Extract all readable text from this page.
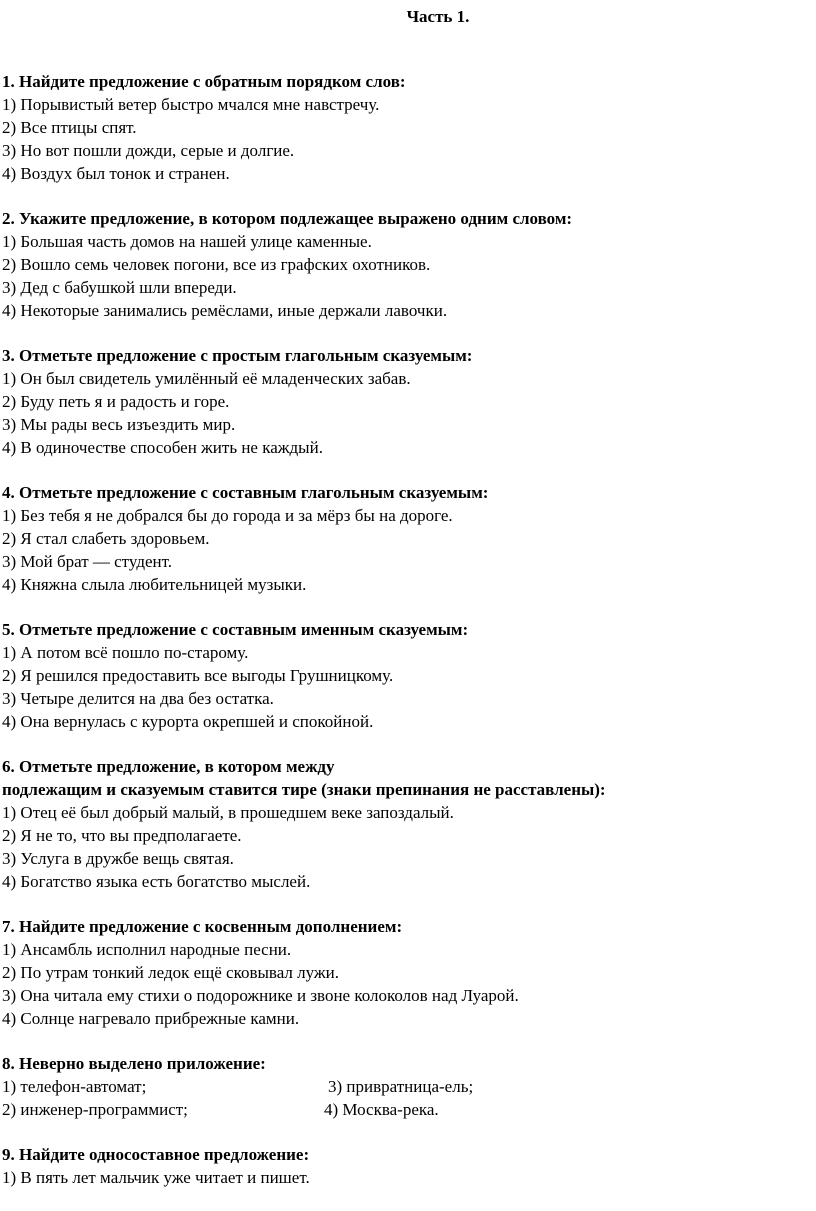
Часть 1.
1. Найдите предложение с обратным порядком слов:
1) Порывистый ветер быстро мчался мне навстречу.
2) Все птицы спят.
3) Но вот пошли дожди, серые и долгие.
4) Воздух был тонок и странен.
2. Укажите предложение, в котором подлежащее выражено одним словом:
1) Большая часть домов на нашей улице каменные.
2) Вошло семь человек погони, все из графских охотников.
3) Дед с бабушкой шли впереди.
4) Некоторые занимались ремёслами, иные держали лавочки.
3. Отметьте предложение с простым глагольным сказуемым:
1) Он был свидетель умилённый её младенческих забав.
2) Буду петь я и радость и горе.
3) Мы рады весь изъездить мир.
4) В одиночестве способен жить не каждый.
4. Отметьте предложение с составным глагольным сказуемым:
1) Без тебя я не добрался бы до города и за мёрз бы на дороге.
2) Я стал слабеть здоровьем.
3) Мой брат — студент.
4) Княжна слыла любительницей музыки.
5. Отметьте предложение с составным именным сказуемым:
1) А потом всё пошло по-старому.
2) Я решился предоставить все выгоды Грушницкому.
3) Четыре делится на два без остатка.
4) Она вернулась с курорта окрепшей и спокойной.
6. Отметьте предложение, в котором между
подлежащим и сказуемым ставится тире (знаки препинания не расставлены):
1) Отец её был добрый малый, в прошедшем веке запоздалый.
2) Я не то, что вы предполагаете.
3) Услуга в дружбе вещь святая.
4) Богатство языка есть богатство мыслей.
7. Найдите предложение с косвенным дополнением:
1) Ансамбль исполнил народные песни.
2) По утрам тонкий ледок ещё сковывал лужи.
3) Она читала ему стихи о подорожнике и звоне колоколов над Луарой.
4) Солнце нагревало прибрежные камни.
8. Неверно выделено приложение:
1) телефон-автомат;	3) привратница-ель;
2) инженер-программист;	4) Москва-река.
9. Найдите односоставное предложение:
1) В пять лет мальчик уже читает и пишет.
